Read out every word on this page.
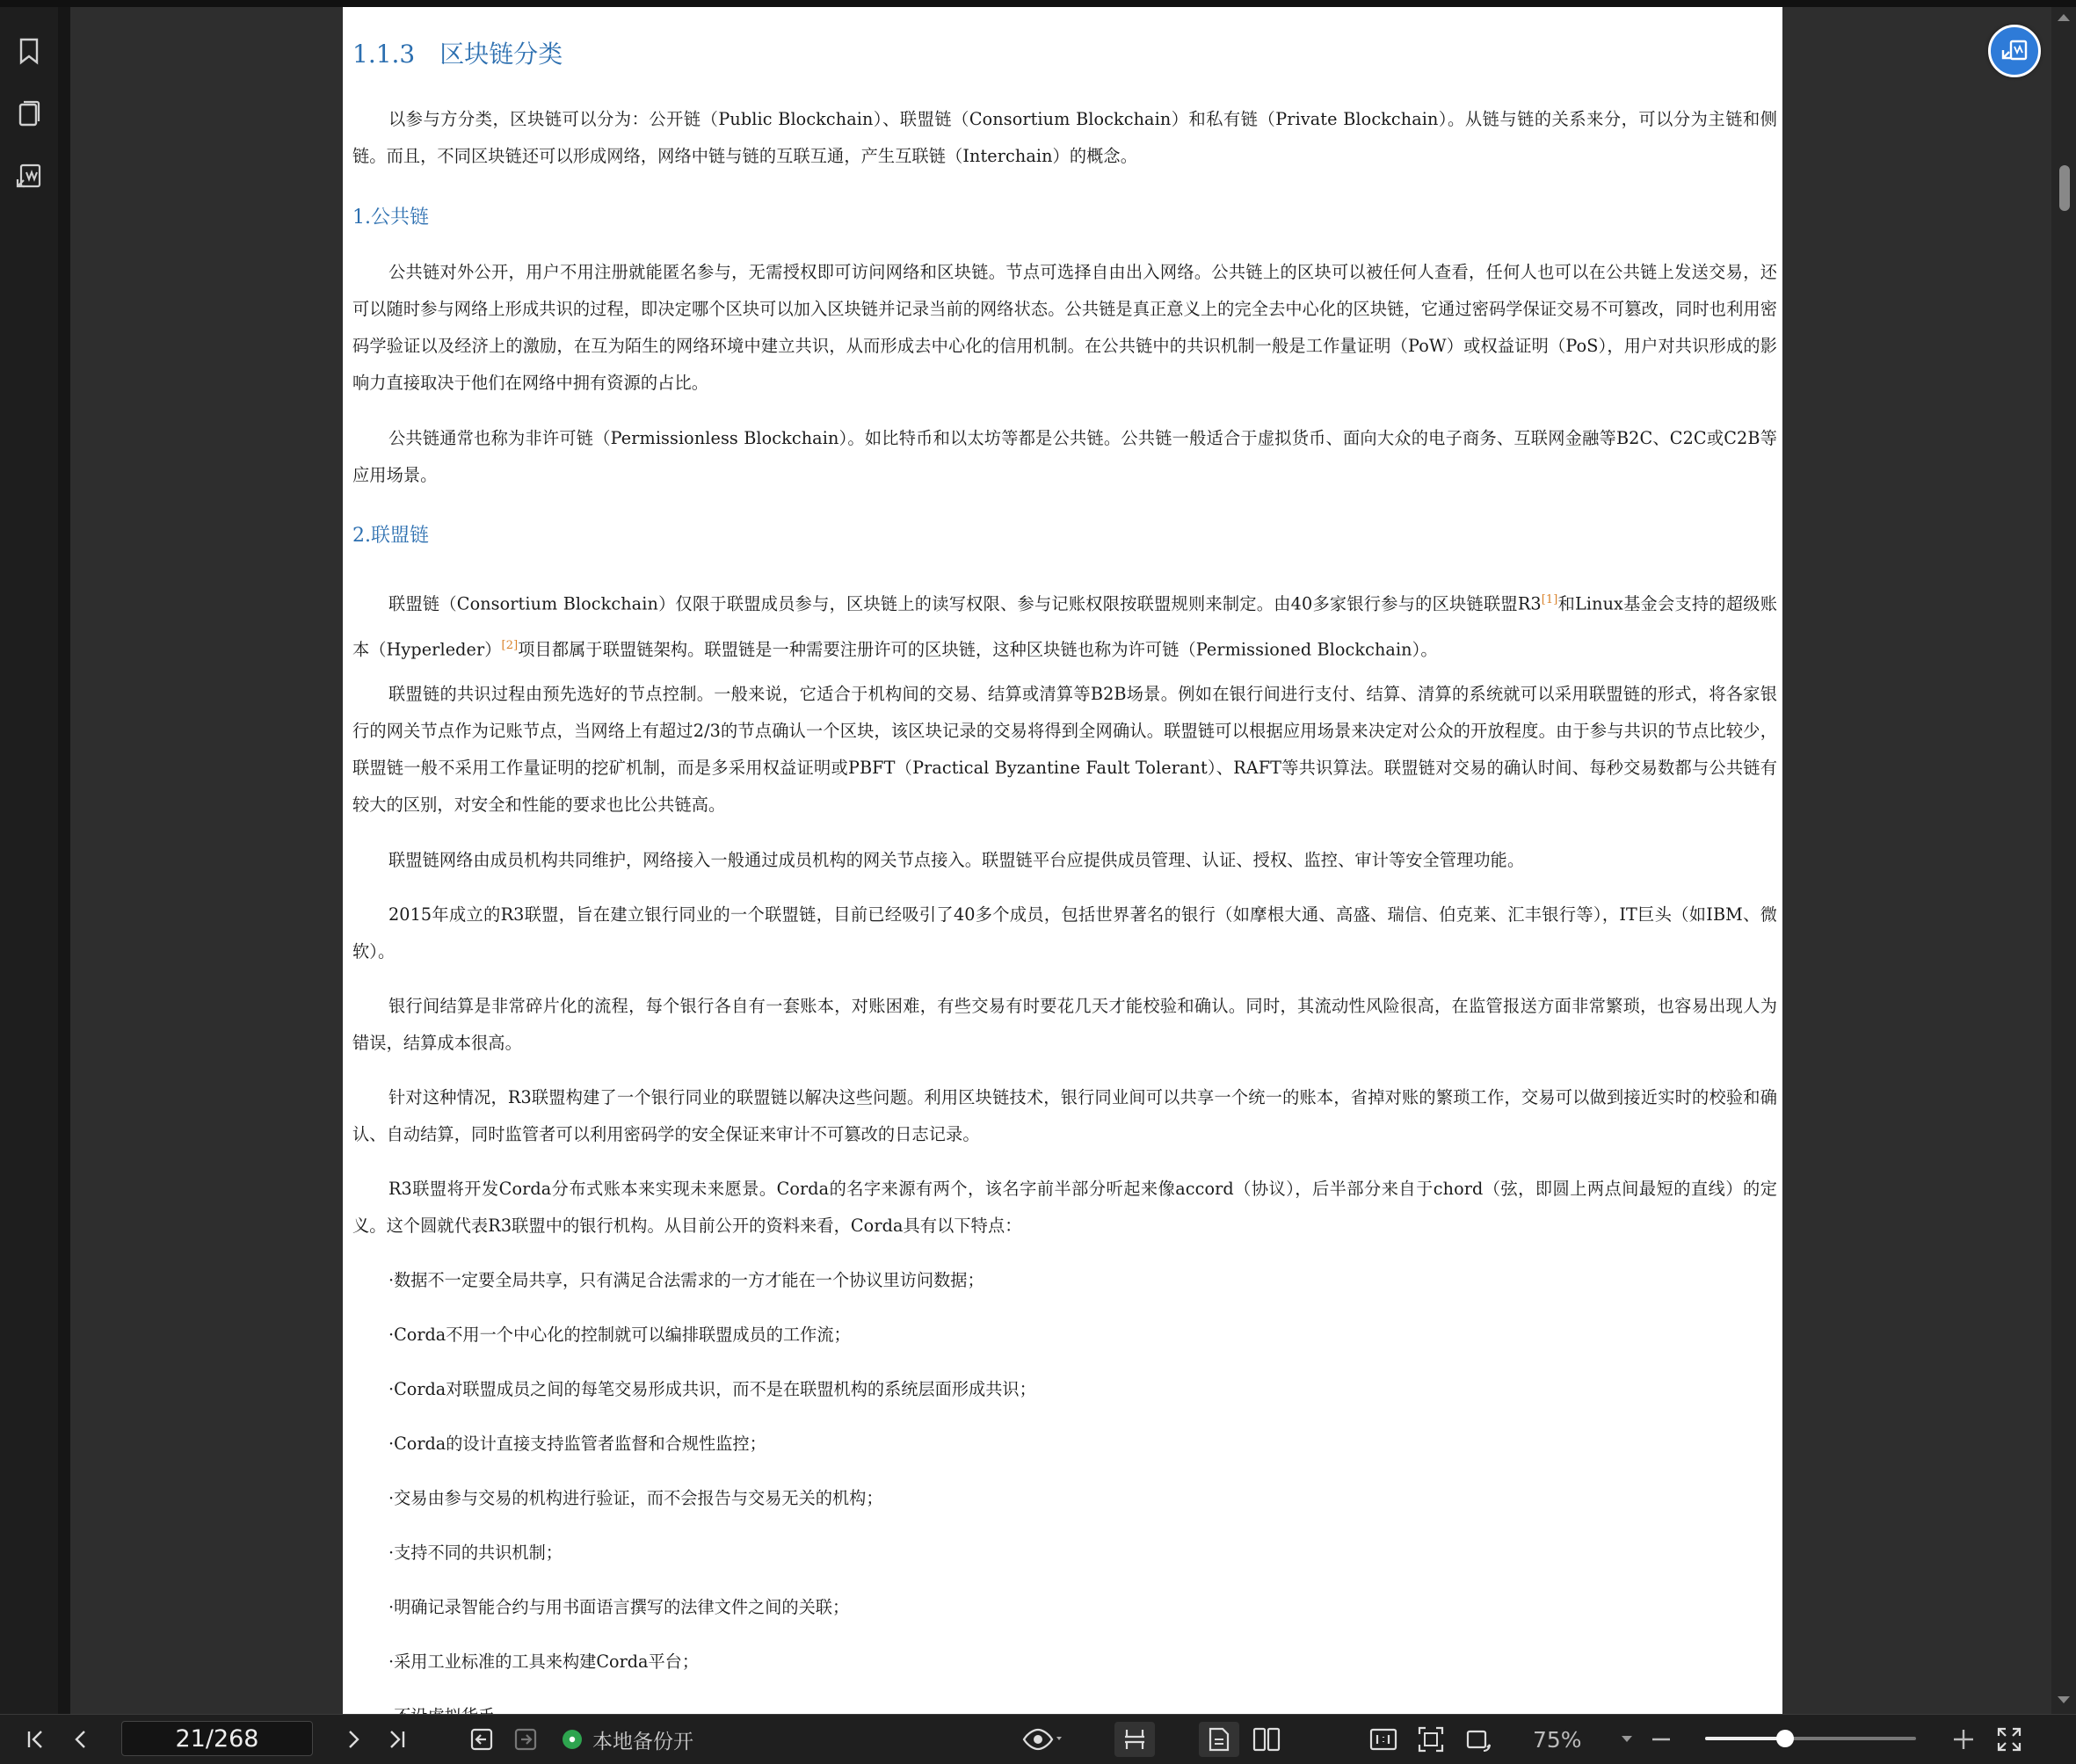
1.1.3　区块链分类
以参与方分类，区块链可以分为：公开链（Public Blockchain）、联盟链（Consortium Blockchain）和私有链（Private Blockchain）。从链与链的关系来分，可以分为主链和侧链。而且，不同区块链还可以形成网络，网络中链与链的互联互通，产生互联链（Interchain）的概念。
1.公共链
公共链对外公开，用户不用注册就能匿名参与，无需授权即可访问网络和区块链。节点可选择自由出入网络。公共链上的区块可以被任何人查看，任何人也可以在公共链上发送交易，还可以随时参与网络上形成共识的过程，即决定哪个区块可以加入区块链并记录当前的网络状态。公共链是真正意义上的完全去中心化的区块链，它通过密码学保证交易不可篡改，同时也利用密码学验证以及经济上的激励，在互为陌生的网络环境中建立共识，从而形成去中心化的信用机制。在公共链中的共识机制一般是工作量证明（PoW）或权益证明（PoS），用户对共识形成的影响力直接取决于他们在网络中拥有资源的占比。
公共链通常也称为非许可链（Permissionless Blockchain）。如比特币和以太坊等都是公共链。公共链一般适合于虚拟货币、面向大众的电子商务、互联网金融等B2C、C2C或C2B等应用场景。
2.联盟链
联盟链（Consortium Blockchain）仅限于联盟成员参与，区块链上的读写权限、参与记账权限按联盟规则来制定。由40多家银行参与的区块链联盟R3[1]和Linux基金会支持的超级账本（Hyperleder）[2]项目都属于联盟链架构。联盟链是一种需要注册许可的区块链，这种区块链也称为许可链（Permissioned Blockchain）。
联盟链的共识过程由预先选好的节点控制。一般来说，它适合于机构间的交易、结算或清算等B2B场景。例如在银行间进行支付、结算、清算的系统就可以采用联盟链的形式，将各家银行的网关节点作为记账节点，当网络上有超过2/3的节点确认一个区块，该区块记录的交易将得到全网确认。联盟链可以根据应用场景来决定对公众的开放程度。由于参与共识的节点比较少，联盟链一般不采用工作量证明的挖矿机制，而是多采用权益证明或PBFT（Practical Byzantine Fault Tolerant）、RAFT等共识算法。联盟链对交易的确认时间、每秒交易数都与公共链有较大的区别，对安全和性能的要求也比公共链高。
联盟链网络由成员机构共同维护，网络接入一般通过成员机构的网关节点接入。联盟链平台应提供成员管理、认证、授权、监控、审计等安全管理功能。
2015年成立的R3联盟，旨在建立银行同业的一个联盟链，目前已经吸引了40多个成员，包括世界著名的银行（如摩根大通、高盛、瑞信、伯克莱、汇丰银行等），IT巨头（如IBM、微软）。
银行间结算是非常碎片化的流程，每个银行各自有一套账本，对账困难，有些交易有时要花几天才能校验和确认。同时，其流动性风险很高，在监管报送方面非常繁琐，也容易出现人为错误，结算成本很高。
针对这种情况，R3联盟构建了一个银行同业的联盟链以解决这些问题。利用区块链技术，银行同业间可以共享一个统一的账本，省掉对账的繁琐工作，交易可以做到接近实时的校验和确认、自动结算，同时监管者可以利用密码学的安全保证来审计不可篡改的日志记录。
R3联盟将开发Corda分布式账本来实现未来愿景。Corda的名字来源有两个，该名字前半部分听起来像accord（协议），后半部分来自于chord（弦，即圆上两点间最短的直线）的定义。这个圆就代表R3联盟中的银行机构。从目前公开的资料来看，Corda具有以下特点：
·数据不一定要全局共享，只有满足合法需求的一方才能在一个协议里访问数据；
·Corda不用一个中心化的控制就可以编排联盟成员的工作流；
·Corda对联盟成员之间的每笔交易形成共识，而不是在联盟机构的系统层面形成共识；
·Corda的设计直接支持监管者监督和合规性监控；
·交易由参与交易的机构进行验证，而不会报告与交易无关的机构；
·支持不同的共识机制；
·明确记录智能合约与用书面语言撰写的法律文件之间的关联；
·采用工业标准的工具来构建Corda平台；
21/268
本地备份开	75%
